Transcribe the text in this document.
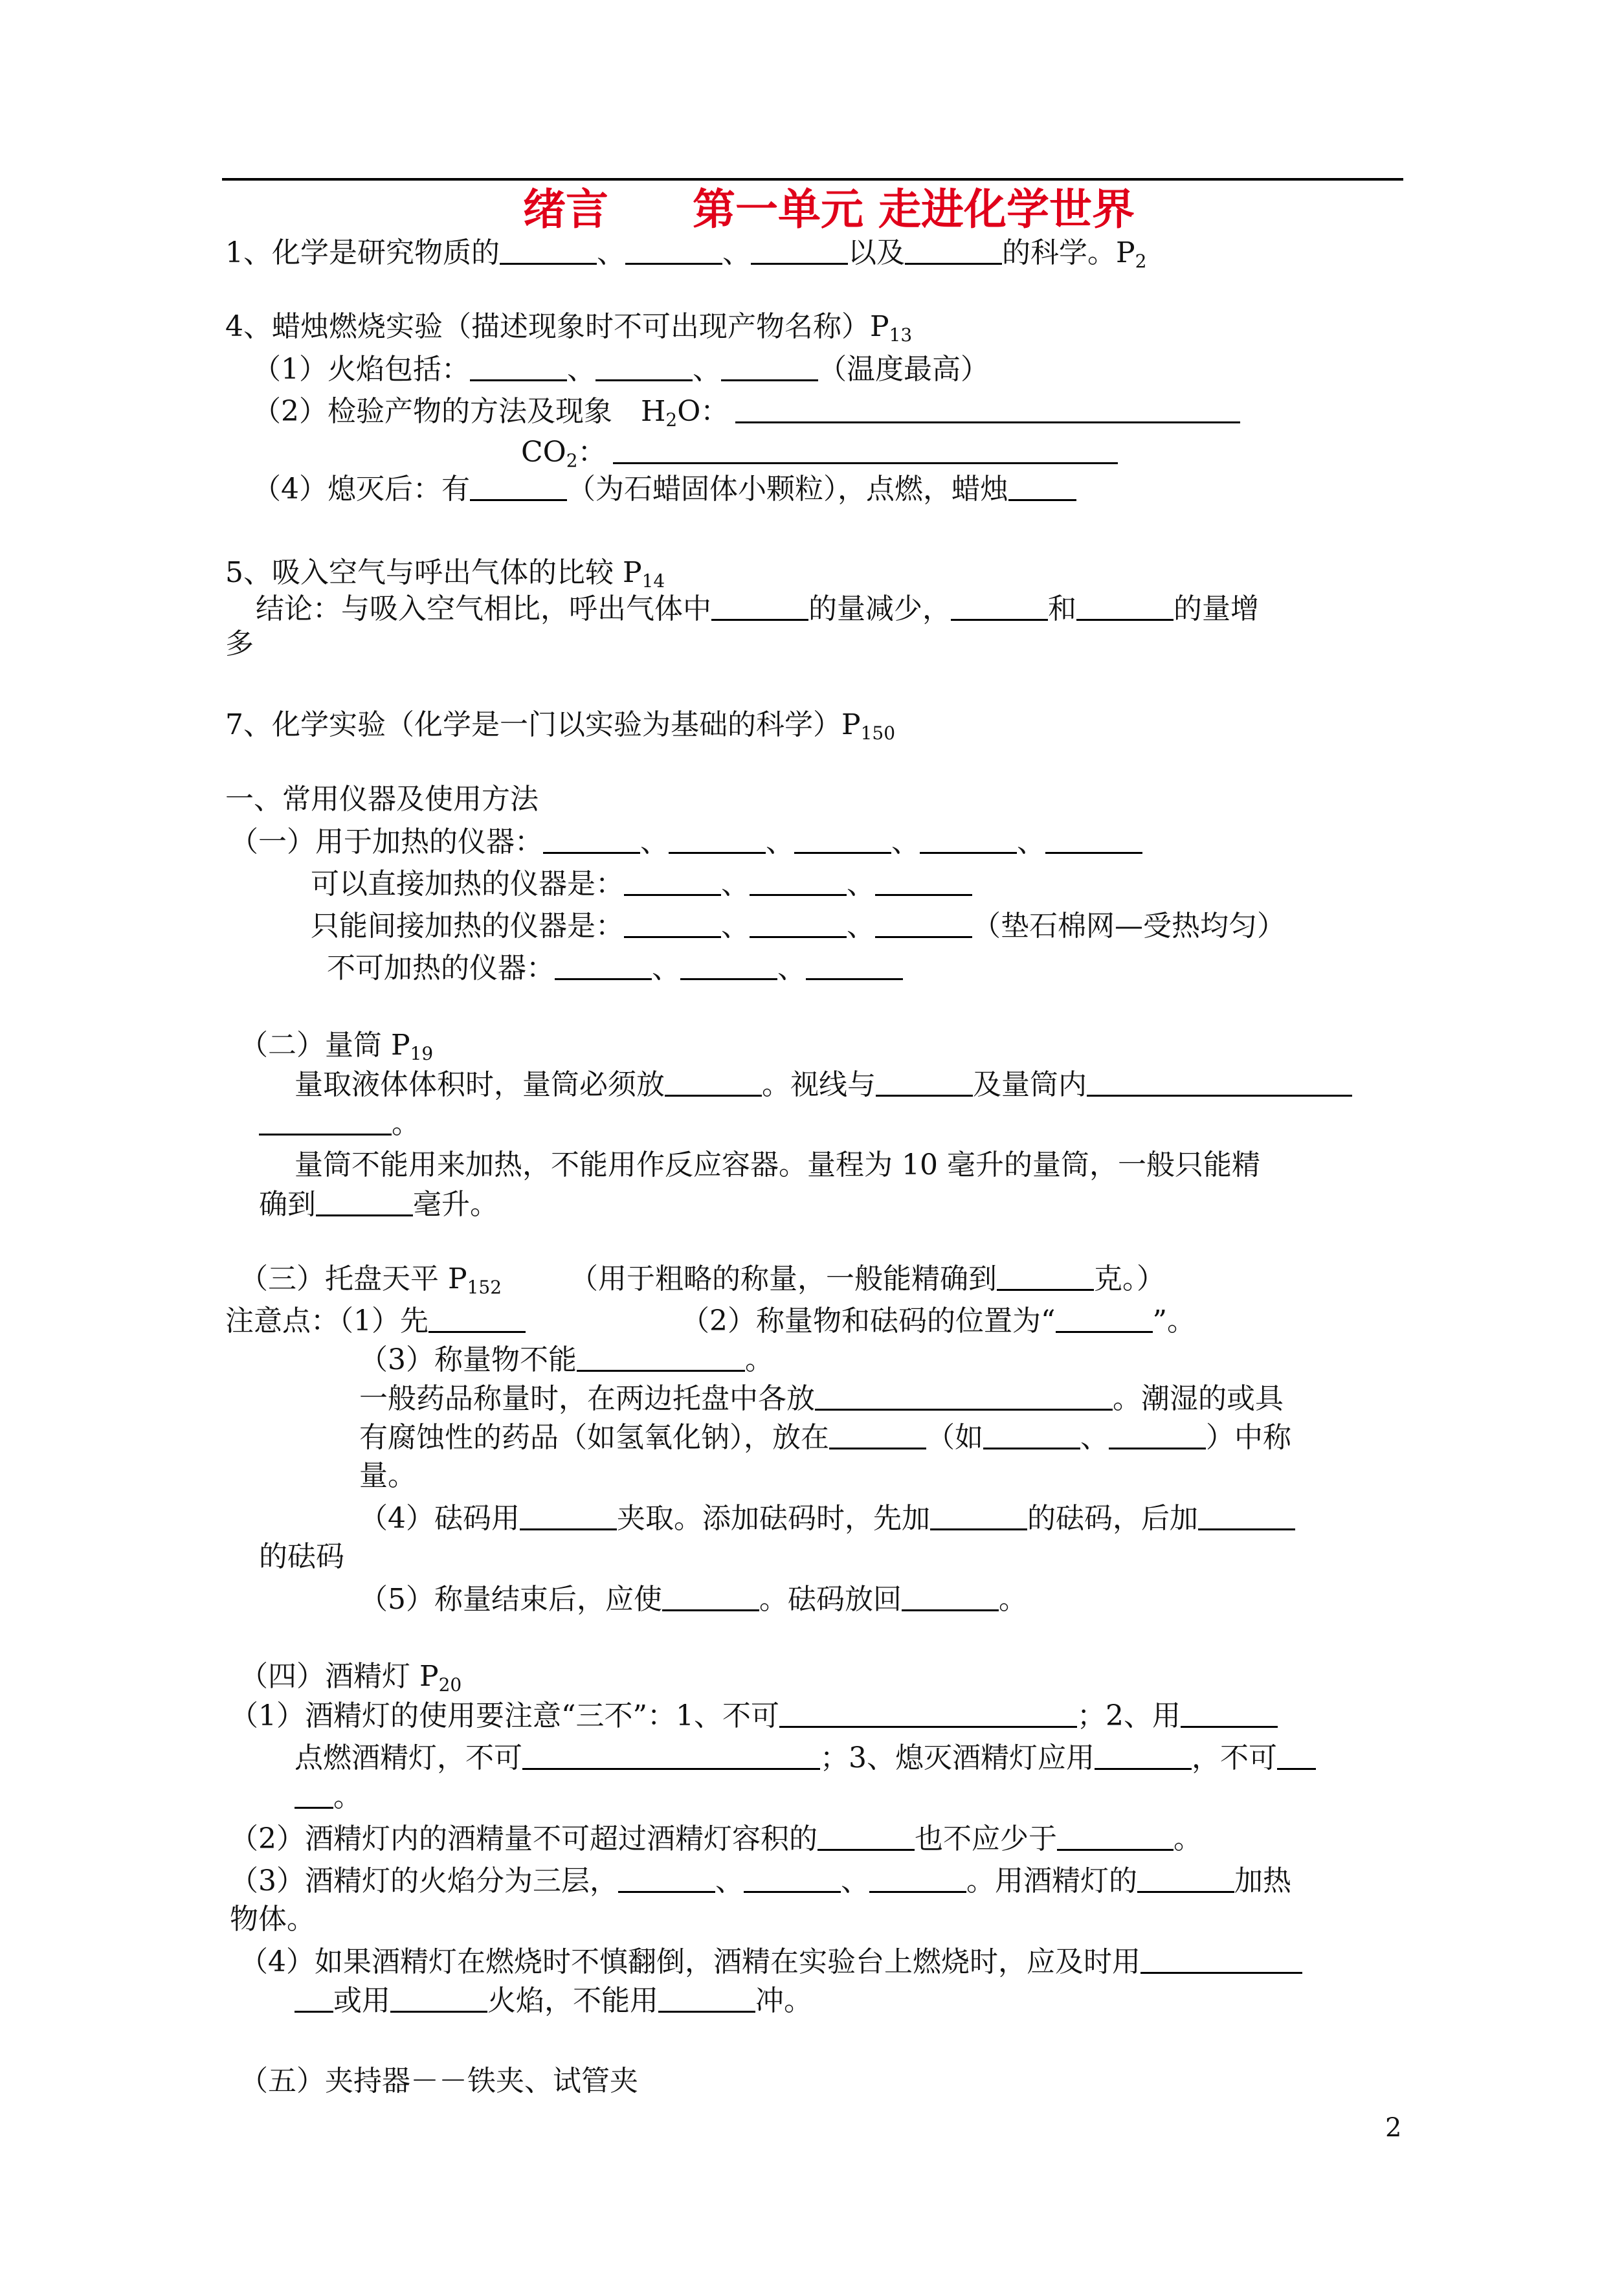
绪言 第一单元 走进化学世界
1、化学是研究物质的	、	、	以及	的科学。$P_2$
4、蜡烛燃烧实验（描述现象时不可出现产物名称）$P_{13}$
（1）火焰包括：	、	、	（温度最高）
（2）检验产物的方法及现象　$H_2O$：
$CO_2$：
（4）熄灭后：有	（为石蜡固体小颗粒），点燃，蜡烛
5、吸入空气与呼出气体的比较 $P_{14}$
结论：与吸入空气相比，呼出气体中	的量减少，	和	的量增
多
7、化学实验（化学是一门以实验为基础的科学）$P_{150}$
一、常用仪器及使用方法
（一）用于加热的仪器：	、	、	、	、
可以直接加热的仪器是：	、	、
只能间接加热的仪器是：	、	、	（垫石棉网—受热均匀）
不可加热的仪器：	、	、
（二）量筒 $P_{19}$
量取液体体积时，量筒必须放	。视线与	及量筒内
。
量筒不能用来加热，不能用作反应容器。量程为 10 毫升的量筒，一般只能精
确到	毫升。
（三）托盘天平 $P_{152}$ （用于粗略的称量，一般能精确到	克。）
注意点：（1）先	（2）称量物和砝码的位置为“	”。
（3）称量物不能	。
一般药品称量时，在两边托盘中各放	。潮湿的或具
有腐蚀性的药品（如氢氧化钠），放在	（如	、	）中称
量。
（4）砝码用	夹取。添加砝码时，先加	的砝码，后加
的砝码
（5）称量结束后，应使	。砝码放回	。
（四）酒精灯 $P_{20}$
（1）酒精灯的使用要注意“三不”：1、不可	；2、用
点燃酒精灯，不可	；3、熄灭酒精灯应用	，不可
。
（2）酒精灯内的酒精量不可超过酒精灯容积的	也不应少于	。
（3）酒精灯的火焰分为三层，	、	、	。用酒精灯的	加热
物体。
（4）如果酒精灯在燃烧时不慎翻倒，酒精在实验台上燃烧时，应及时用
或用	火焰，不能用	冲。
（五）夹持器－－铁夹、试管夹
2
